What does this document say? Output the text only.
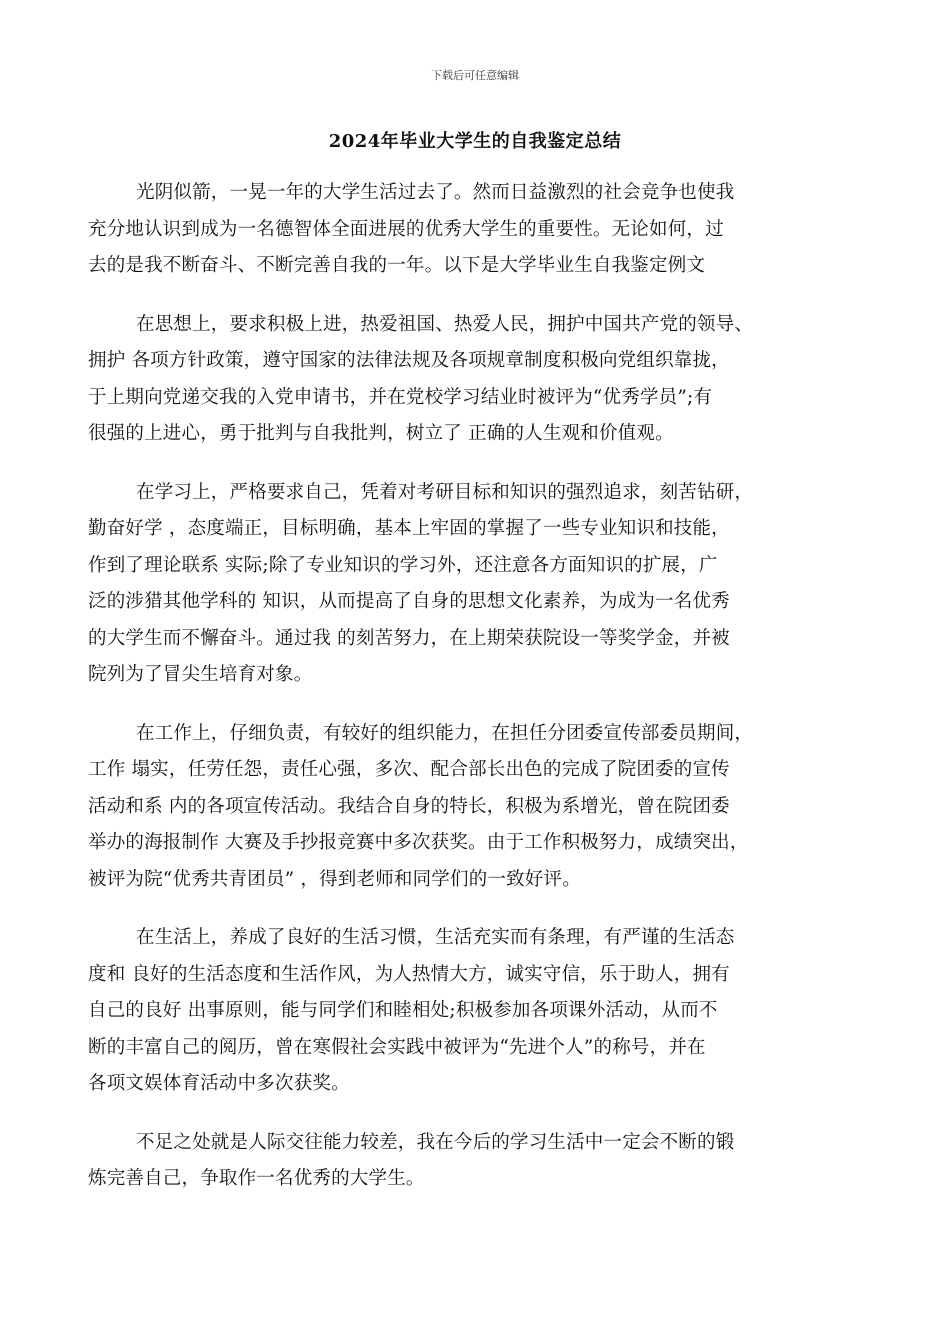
下载后可任意编辑
2024年毕业大学生的自我鉴定总结
光阴似箭，一晃一年的大学生活过去了。然而日益激烈的社会竞争也使我
充分地认识到成为一名德智体全面进展的优秀大学生的重要性。无论如何，过
去的是我不断奋斗、不断完善自我的一年。以下是大学毕业生自我鉴定例文
在思想上，要求积极上进，热爱祖国、热爱人民，拥护中国共产党的领导、
拥护 各项方针政策，遵守国家的法律法规及各项规章制度积极向党组织靠拢，
于上期向党递交我的入党申请书，并在党校学习结业时被评为“优秀学员”;有
很强的上进心，勇于批判与自我批判，树立了 正确的人生观和价值观。
在学习上，严格要求自己，凭着对考研目标和知识的强烈追求，刻苦钻研，
勤奋好学 ，态度端正，目标明确，基本上牢固的掌握了一些专业知识和技能，
作到了理论联系 实际;除了专业知识的学习外，还注意各方面知识的扩展，广
泛的涉猎其他学科的 知识，从而提高了自身的思想文化素养，为成为一名优秀
的大学生而不懈奋斗。通过我 的刻苦努力，在上期荣获院设一等奖学金，并被
院列为了冒尖生培育对象。
在工作上，仔细负责，有较好的组织能力，在担任分团委宣传部委员期间，
工作 塌实，任劳任怨，责任心强，多次、配合部长出色的完成了院团委的宣传
活动和系 内的各项宣传活动。我结合自身的特长，积极为系增光，曾在院团委
举办的海报制作 大赛及手抄报竞赛中多次获奖。由于工作积极努力，成绩突出，
被评为院“优秀共青团员” ，得到老师和同学们的一致好评。
在生活上，养成了良好的生活习惯，生活充实而有条理，有严谨的生活态
度和 良好的生活态度和生活作风，为人热情大方，诚实守信，乐于助人，拥有
自己的良好 出事原则，能与同学们和睦相处;积极参加各项课外活动，从而不
断的丰富自己的阅历，曾在寒假社会实践中被评为“先进个人”的称号，并在
各项文娱体育活动中多次获奖。
不足之处就是人际交往能力较差，我在今后的学习生活中一定会不断的锻
炼完善自己，争取作一名优秀的大学生。
